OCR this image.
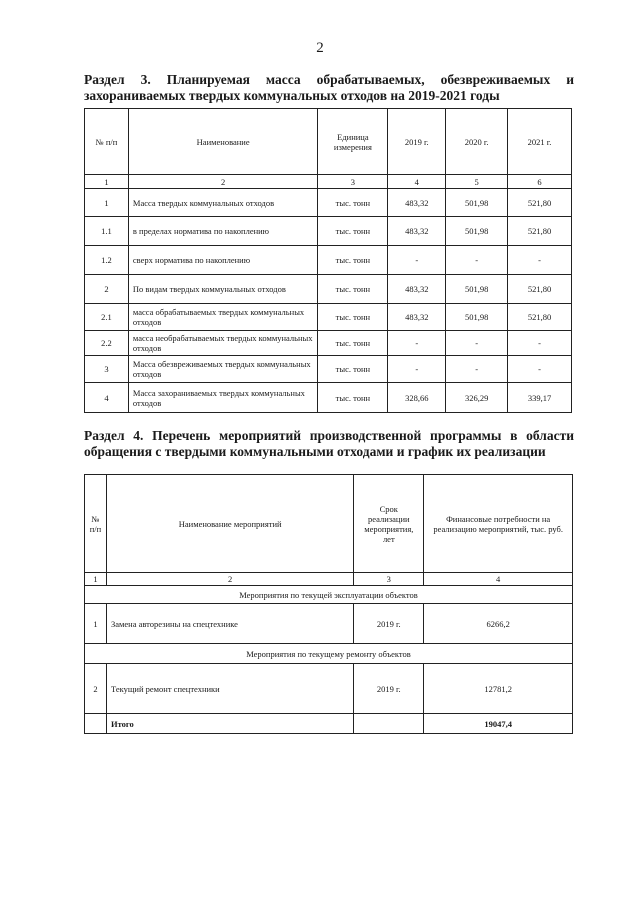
2
Раздел 3. Планируемая масса обрабатываемых, обезвреживаемых и захораниваемых твердых коммунальных отходов на 2019-2021 годы
№ п/п	Наименование	Единица измерения	2019 г.	2020 г.	2021 г.
1	2	3	4	5	6
1	Масса твердых коммунальных отходов	тыс. тонн	483,32	501,98	521,80
1.1	в пределах норматива по накоплению	тыс. тонн	483,32	501,98	521,80
1.2	сверх норматива по накоплению	тыс. тонн	-	-	-
2	По видам твердых коммунальных отходов	тыс. тонн	483,32	501,98	521,80
2.1	масса обрабатываемых твердых коммунальных отходов	тыс. тонн	483,32	501,98	521,80
2.2	масса необрабатываемых твердых коммунальных отходов	тыс. тонн	-	-	-
3	Масса обезвреживаемых твердых коммунальных отходов	тыс. тонн	-	-	-
4	Масса захораниваемых твердых коммунальных отходов	тыс. тонн	328,66	326,29	339,17
Раздел 4. Перечень мероприятий производственной программы в области обращения с твердыми коммунальными отходами и график их реализации
№ п/п	Наименование мероприятий	Срок реализации мероприятия, лет	Финансовые потребности на реализацию мероприятий, тыс. руб.
1	2	3	4
Мероприятия по текущей эксплуатации объектов			
1	Замена авторезины на спецтехнике	2019 г.	6266,2
Мероприятия по текущему ремонту объектов			
2	Текущий ремонт спецтехники	2019 г.	12781,2
	Итого		19047,4
